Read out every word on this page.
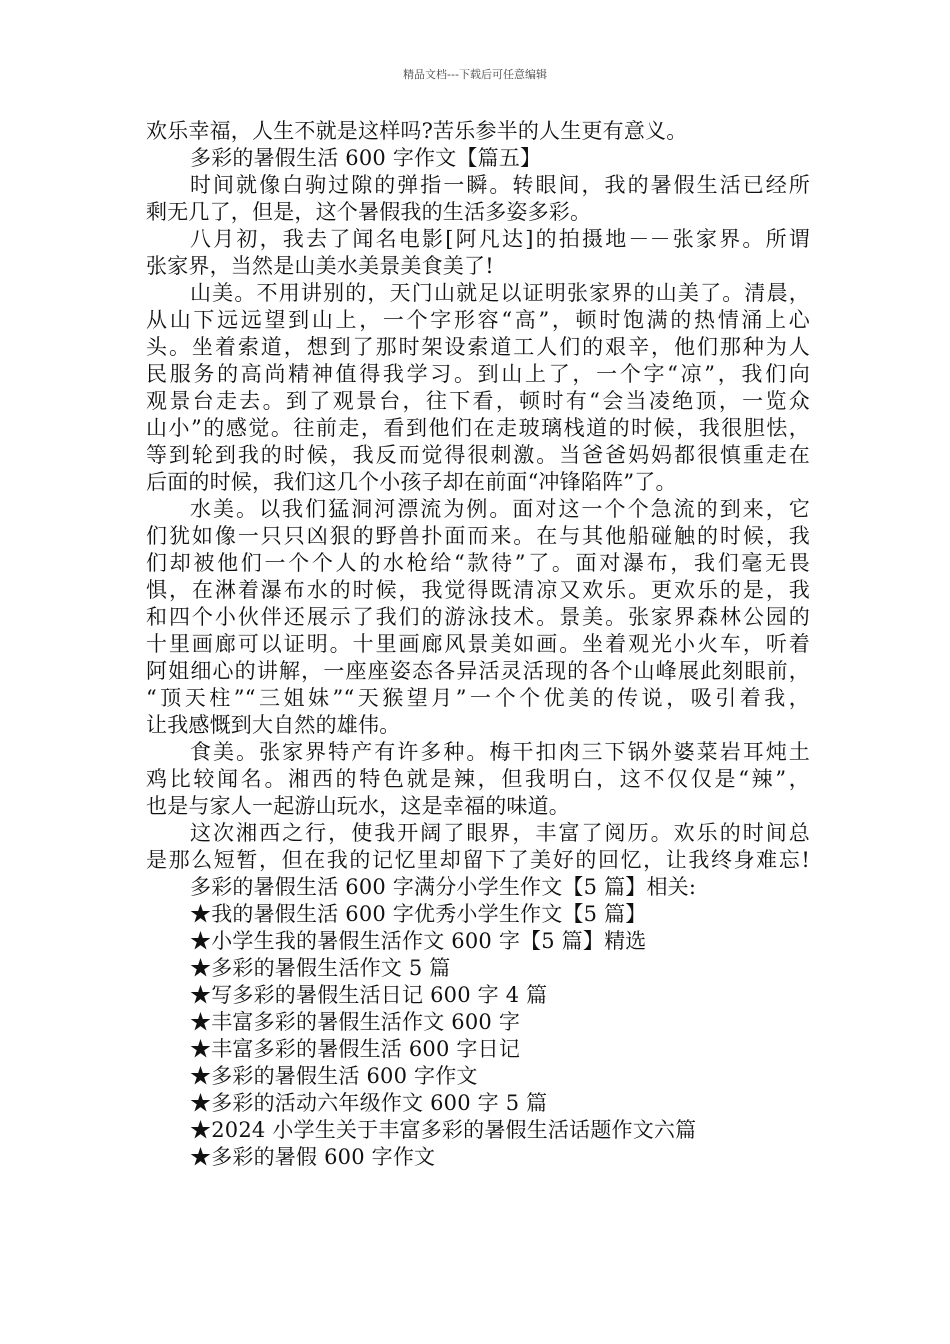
精品文档---下载后可任意编辑
欢乐幸福，人生不就是这样吗?苦乐参半的人生更有意义。
多彩的暑假生活 600 字作文【篇五】
时间就像白驹过隙的弹指一瞬。转眼间，我的暑假生活已经所
剩无几了，但是，这个暑假我的生活多姿多彩。
八月初，我去了闻名电影[阿凡达]的拍摄地－－张家界。所谓
张家界，当然是山美水美景美食美了!
山美。不用讲别的，天门山就足以证明张家界的山美了。清晨，
从山下远远望到山上，一个字形容“高”，顿时饱满的热情涌上心
头。坐着索道，想到了那时架设索道工人们的艰辛，他们那种为人
民服务的高尚精神值得我学习。到山上了，一个字“凉”，我们向
观景台走去。到了观景台，往下看，顿时有“会当凌绝顶，一览众
山小”的感觉。往前走，看到他们在走玻璃栈道的时候，我很胆怯，
等到轮到我的时候，我反而觉得很刺激。当爸爸妈妈都很慎重走在
后面的时候，我们这几个小孩子却在前面“冲锋陷阵”了。
水美。以我们猛洞河漂流为例。面对这一个个急流的到来，它
们犹如像一只只凶狠的野兽扑面而来。在与其他船碰触的时候，我
们却被他们一个个人的水枪给“款待”了。面对瀑布，我们毫无畏
惧，在淋着瀑布水的时候，我觉得既清凉又欢乐。更欢乐的是，我
和四个小伙伴还展示了我们的游泳技术。景美。张家界森林公园的
十里画廊可以证明。十里画廊风景美如画。坐着观光小火车，听着
阿姐细心的讲解，一座座姿态各异活灵活现的各个山峰展此刻眼前，
“顶天柱”“三姐妹”“天猴望月”一个个优美的传说，吸引着我，
让我感慨到大自然的雄伟。
食美。张家界特产有许多种。梅干扣肉三下锅外婆菜岩耳炖土
鸡比较闻名。湘西的特色就是辣，但我明白，这不仅仅是“辣”，
也是与家人一起游山玩水，这是幸福的味道。
这次湘西之行，使我开阔了眼界，丰富了阅历。欢乐的时间总
是那么短暂，但在我的记忆里却留下了美好的回忆，让我终身难忘!
多彩的暑假生活 600 字满分小学生作文【5 篇】相关:
★我的暑假生活 600 字优秀小学生作文【5 篇】
★小学生我的暑假生活作文 600 字【5 篇】精选
★多彩的暑假生活作文 5 篇
★写多彩的暑假生活日记 600 字 4 篇
★丰富多彩的暑假生活作文 600 字
★丰富多彩的暑假生活 600 字日记
★多彩的暑假生活 600 字作文
★多彩的活动六年级作文 600 字 5 篇
★2024 小学生关于丰富多彩的暑假生活话题作文六篇
★多彩的暑假 600 字作文
